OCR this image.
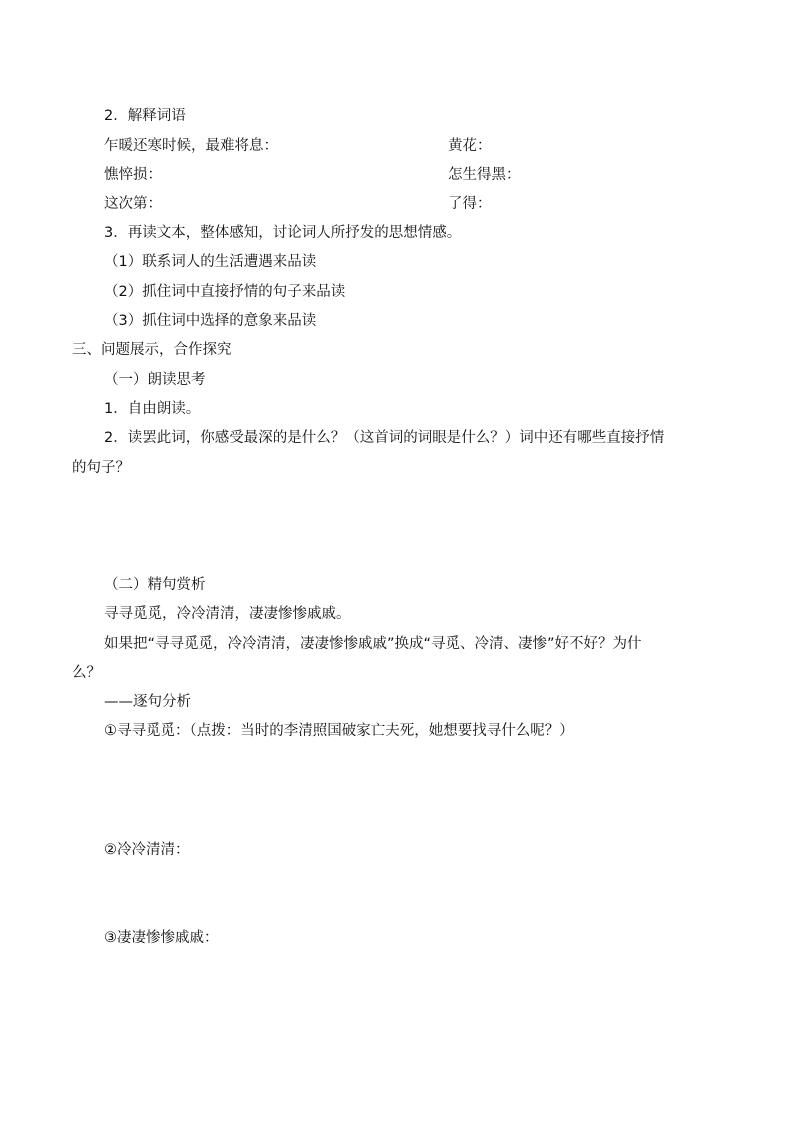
2．解释词语
乍暖还寒时候，最难将息：	黄花：
憔悴损：	怎生得黑：
这次第：	了得：
3．再读文本，整体感知，讨论词人所抒发的思想情感。
（1）联系词人的生活遭遇来品读
（2）抓住词中直接抒情的句子来品读
（3）抓住词中选择的意象来品读
三、问题展示，合作探究
（一）朗读思考
1．自由朗读。
2．读罢此词，你感受最深的是什么？（这首词的词眼是什么？）词中还有哪些直接抒情
的句子？
（二）精句赏析
寻寻觅觅，冷冷清清，凄凄惨惨戚戚。
如果把“寻寻觅觅，冷冷清清，凄凄惨惨戚戚”换成“寻觅、冷清、凄惨”好不好？为什
么？
——逐句分析
①寻寻觅觅：（点拨：当时的李清照国破家亡夫死，她想要找寻什么呢？）
②冷冷清清：
③凄凄惨惨戚戚：
